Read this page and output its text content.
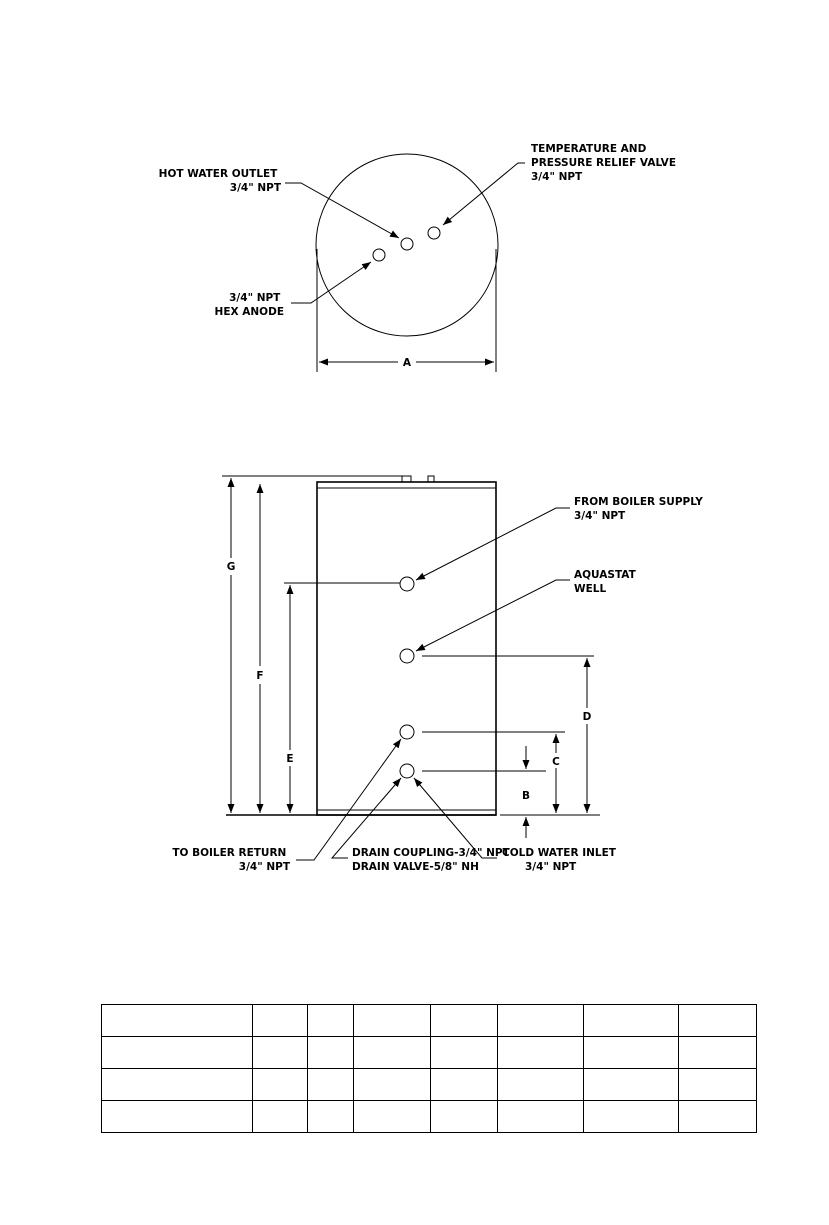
HOT WATER OUTLET 3/4" NPT
TEMPERATURE AND PRESSURE RELIEF VALVE 3/4" NPT
3/4" NPT HEX ANODE
A
G
F
E
D
C
B
FROM BOILER SUPPLY 3/4" NPT
AQUASTAT WELL
TO BOILER RETURN 3/4" NPT
DRAIN COUPLING-3/4" NPT DRAIN VALVE-5/8" NH
COLD WATER INLET 3/4" NPT
